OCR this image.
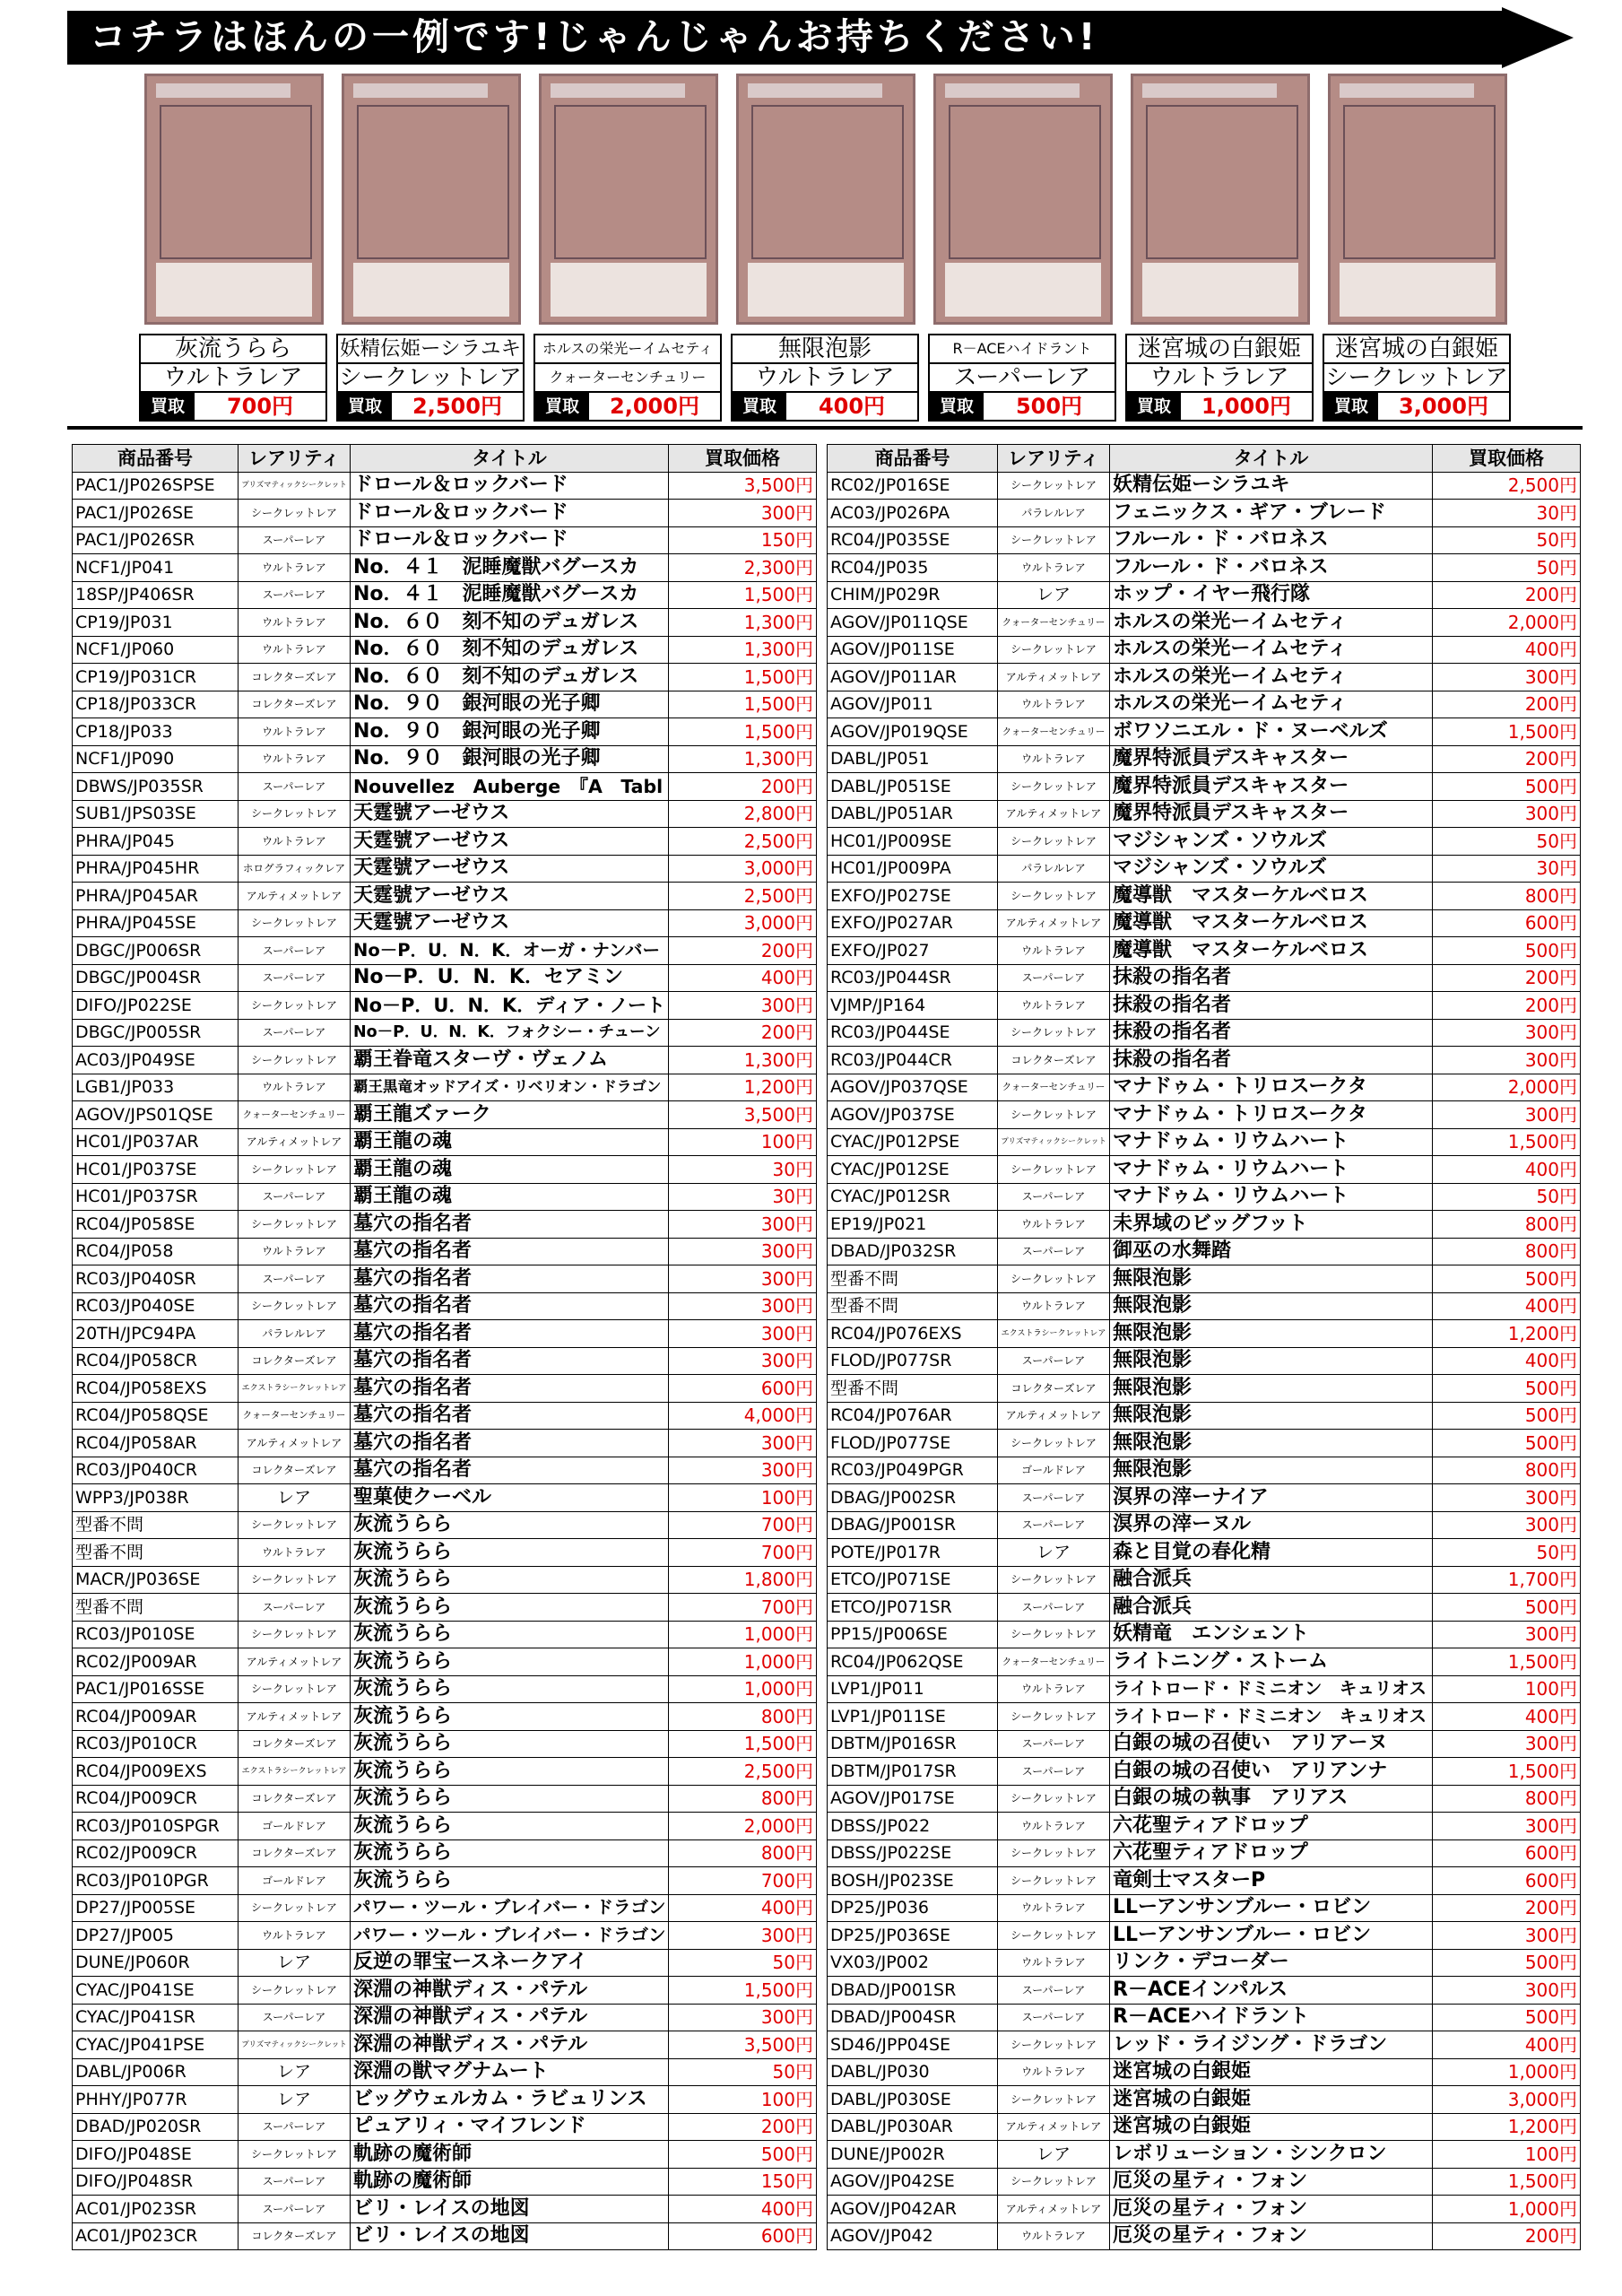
コチラはほんの一例です!じゃんじゃんお持ちください!
灰流うらら
ウルトラレア
買取	700円
妖精伝姫ーシラユキ
シークレットレア
買取	2,500円
ホルスの栄光ーイムセティ
クォーターセンチュリー
買取	2,000円
無限泡影
ウルトラレア
買取	400円
R－ACEハイドラント
スーパーレア
買取	500円
迷宮城の白銀姫
ウルトラレア
買取	1,000円
迷宮城の白銀姫
シークレットレア
買取	3,000円
商品番号	レアリティ	タイトル	買取価格
PAC1/JP026SPSE	プリズマティックシークレット	ドロール＆ロックバード	3,500円
PAC1/JP026SE	シークレットレア	ドロール＆ロックバード	300円
PAC1/JP026SR	スーパーレア	ドロール＆ロックバード	150円
NCF1/JP041	ウルトラレア	No．４１　泥睡魔獣バグースカ	2,300円
18SP/JP406SR	スーパーレア	No．４１　泥睡魔獣バグースカ	1,500円
CP19/JP031	ウルトラレア	No．６０　刻不知のデュガレス	1,300円
NCF1/JP060	ウルトラレア	No．６０　刻不知のデュガレス	1,300円
CP19/JP031CR	コレクターズレア	No．６０　刻不知のデュガレス	1,500円
CP18/JP033CR	コレクターズレア	No．９０　銀河眼の光子卿	1,500円
CP18/JP033	ウルトラレア	No．９０　銀河眼の光子卿	1,500円
NCF1/JP090	ウルトラレア	No．９０　銀河眼の光子卿	1,300円
DBWS/JP035SR	スーパーレア	Nouvellez　Auberge　『A　Tabl	200円
SUB1/JPS03SE	シークレットレア	天霆號アーゼウス	2,800円
PHRA/JP045	ウルトラレア	天霆號アーゼウス	2,500円
PHRA/JP045HR	ホログラフィックレア	天霆號アーゼウス	3,000円
PHRA/JP045AR	アルティメットレア	天霆號アーゼウス	2,500円
PHRA/JP045SE	シークレットレア	天霆號アーゼウス	3,000円
DBGC/JP006SR	スーパーレア	No－P．U．N．K．オーガ・ナンバー	200円
DBGC/JP004SR	スーパーレア	No－P．U．N．K．セアミン	400円
DIFO/JP022SE	シークレットレア	No－P．U．N．K．ディア・ノート	300円
DBGC/JP005SR	スーパーレア	No－P．U．N．K．フォクシー・チューン	200円
AC03/JP049SE	シークレットレア	覇王眷竜スターヴ・ヴェノム	1,300円
LGB1/JP033	ウルトラレア	覇王黒竜オッドアイズ・リベリオン・ドラゴン	1,200円
AGOV/JPS01QSE	クォーターセンチュリー	覇王龍ズァーク	3,500円
HC01/JP037AR	アルティメットレア	覇王龍の魂	100円
HC01/JP037SE	シークレットレア	覇王龍の魂	30円
HC01/JP037SR	スーパーレア	覇王龍の魂	30円
RC04/JP058SE	シークレットレア	墓穴の指名者	300円
RC04/JP058	ウルトラレア	墓穴の指名者	300円
RC03/JP040SR	スーパーレア	墓穴の指名者	300円
RC03/JP040SE	シークレットレア	墓穴の指名者	300円
20TH/JPC94PA	パラレルレア	墓穴の指名者	300円
RC04/JP058CR	コレクターズレア	墓穴の指名者	300円
RC04/JP058EXS	エクストラシークレットレア	墓穴の指名者	600円
RC04/JP058QSE	クォーターセンチュリー	墓穴の指名者	4,000円
RC04/JP058AR	アルティメットレア	墓穴の指名者	300円
RC03/JP040CR	コレクターズレア	墓穴の指名者	300円
WPP3/JP038R	レア	聖菓使クーベル	100円
型番不問	シークレットレア	灰流うらら	700円
型番不問	ウルトラレア	灰流うらら	700円
MACR/JP036SE	シークレットレア	灰流うらら	1,800円
型番不問	スーパーレア	灰流うらら	700円
RC03/JP010SE	シークレットレア	灰流うらら	1,000円
RC02/JP009AR	アルティメットレア	灰流うらら	1,000円
PAC1/JP016SSE	シークレットレア	灰流うらら	1,000円
RC04/JP009AR	アルティメットレア	灰流うらら	800円
RC03/JP010CR	コレクターズレア	灰流うらら	1,500円
RC04/JP009EXS	エクストラシークレットレア	灰流うらら	2,500円
RC04/JP009CR	コレクターズレア	灰流うらら	800円
RC03/JP010SPGR	ゴールドレア	灰流うらら	2,000円
RC02/JP009CR	コレクターズレア	灰流うらら	800円
RC03/JP010PGR	ゴールドレア	灰流うらら	700円
DP27/JP005SE	シークレットレア	パワー・ツール・ブレイバー・ドラゴン	400円
DP27/JP005	ウルトラレア	パワー・ツール・ブレイバー・ドラゴン	300円
DUNE/JP060R	レア	反逆の罪宝ースネークアイ	50円
CYAC/JP041SE	シークレットレア	深淵の神獣ディス・パテル	1,500円
CYAC/JP041SR	スーパーレア	深淵の神獣ディス・パテル	300円
CYAC/JP041PSE	プリズマティックシークレット	深淵の神獣ディス・パテル	3,500円
DABL/JP006R	レア	深淵の獣マグナムート	50円
PHHY/JP077R	レア	ビッグウェルカム・ラビュリンス	100円
DBAD/JP020SR	スーパーレア	ピュアリィ・マイフレンド	200円
DIFO/JP048SE	シークレットレア	軌跡の魔術師	500円
DIFO/JP048SR	スーパーレア	軌跡の魔術師	150円
AC01/JP023SR	スーパーレア	ビリ・レイスの地図	400円
AC01/JP023CR	コレクターズレア	ビリ・レイスの地図	600円
商品番号	レアリティ	タイトル	買取価格
RC02/JP016SE	シークレットレア	妖精伝姫ーシラユキ	2,500円
AC03/JP026PA	パラレルレア	フェニックス・ギア・ブレード	30円
RC04/JP035SE	シークレットレア	フルール・ド・バロネス	50円
RC04/JP035	ウルトラレア	フルール・ド・バロネス	50円
CHIM/JP029R	レア	ホップ・イヤー飛行隊	200円
AGOV/JP011QSE	クォーターセンチュリー	ホルスの栄光ーイムセティ	2,000円
AGOV/JP011SE	シークレットレア	ホルスの栄光ーイムセティ	400円
AGOV/JP011AR	アルティメットレア	ホルスの栄光ーイムセティ	300円
AGOV/JP011	ウルトラレア	ホルスの栄光ーイムセティ	200円
AGOV/JP019QSE	クォーターセンチュリー	ボワソニエル・ド・ヌーベルズ	1,500円
DABL/JP051	ウルトラレア	魔界特派員デスキャスター	200円
DABL/JP051SE	シークレットレア	魔界特派員デスキャスター	500円
DABL/JP051AR	アルティメットレア	魔界特派員デスキャスター	300円
HC01/JP009SE	シークレットレア	マジシャンズ・ソウルズ	50円
HC01/JP009PA	パラレルレア	マジシャンズ・ソウルズ	30円
EXFO/JP027SE	シークレットレア	魔導獣　マスターケルベロス	800円
EXFO/JP027AR	アルティメットレア	魔導獣　マスターケルベロス	600円
EXFO/JP027	ウルトラレア	魔導獣　マスターケルベロス	500円
RC03/JP044SR	スーパーレア	抹殺の指名者	200円
VJMP/JP164	ウルトラレア	抹殺の指名者	200円
RC03/JP044SE	シークレットレア	抹殺の指名者	300円
RC03/JP044CR	コレクターズレア	抹殺の指名者	300円
AGOV/JP037QSE	クォーターセンチュリー	マナドゥム・トリロスークタ	2,000円
AGOV/JP037SE	シークレットレア	マナドゥム・トリロスークタ	300円
CYAC/JP012PSE	プリズマティックシークレット	マナドゥム・リウムハート	1,500円
CYAC/JP012SE	シークレットレア	マナドゥム・リウムハート	400円
CYAC/JP012SR	スーパーレア	マナドゥム・リウムハート	50円
EP19/JP021	ウルトラレア	未界域のビッグフット	800円
DBAD/JP032SR	スーパーレア	御巫の水舞踏	800円
型番不問	シークレットレア	無限泡影	500円
型番不問	ウルトラレア	無限泡影	400円
RC04/JP076EXS	エクストラシークレットレア	無限泡影	1,200円
FLOD/JP077SR	スーパーレア	無限泡影	400円
型番不問	コレクターズレア	無限泡影	500円
RC04/JP076AR	アルティメットレア	無限泡影	500円
FLOD/JP077SE	シークレットレア	無限泡影	500円
RC03/JP049PGR	ゴールドレア	無限泡影	800円
DBAG/JP002SR	スーパーレア	溟界の滓ーナイア	300円
DBAG/JP001SR	スーパーレア	溟界の滓ーヌル	300円
POTE/JP017R	レア	森と目覚の春化精	50円
ETCO/JP071SE	シークレットレア	融合派兵	1,700円
ETCO/JP071SR	スーパーレア	融合派兵	500円
PP15/JP006SE	シークレットレア	妖精竜　エンシェント	300円
RC04/JP062QSE	クォーターセンチュリー	ライトニング・ストーム	1,500円
LVP1/JP011	ウルトラレア	ライトロード・ドミニオン　キュリオス	100円
LVP1/JP011SE	シークレットレア	ライトロード・ドミニオン　キュリオス	400円
DBTM/JP016SR	スーパーレア	白銀の城の召使い　アリアーヌ	300円
DBTM/JP017SR	スーパーレア	白銀の城の召使い　アリアンナ	1,500円
AGOV/JP017SE	シークレットレア	白銀の城の執事　アリアス	800円
DBSS/JP022	ウルトラレア	六花聖ティアドロップ	300円
DBSS/JP022SE	シークレットレア	六花聖ティアドロップ	600円
BOSH/JP023SE	シークレットレア	竜剣士マスターP	600円
DP25/JP036	ウルトラレア	LLーアンサンブルー・ロビン	200円
DP25/JP036SE	シークレットレア	LLーアンサンブルー・ロビン	300円
VX03/JP002	ウルトラレア	リンク・デコーダー	500円
DBAD/JP001SR	スーパーレア	R－ACEインパルス	300円
DBAD/JP004SR	スーパーレア	R－ACEハイドラント	500円
SD46/JPP04SE	シークレットレア	レッド・ライジング・ドラゴン	400円
DABL/JP030	ウルトラレア	迷宮城の白銀姫	1,000円
DABL/JP030SE	シークレットレア	迷宮城の白銀姫	3,000円
DABL/JP030AR	アルティメットレア	迷宮城の白銀姫	1,200円
DUNE/JP002R	レア	レボリューション・シンクロン	100円
AGOV/JP042SE	シークレットレア	厄災の星ティ・フォン	1,500円
AGOV/JP042AR	アルティメットレア	厄災の星ティ・フォン	1,000円
AGOV/JP042	ウルトラレア	厄災の星ティ・フォン	200円
